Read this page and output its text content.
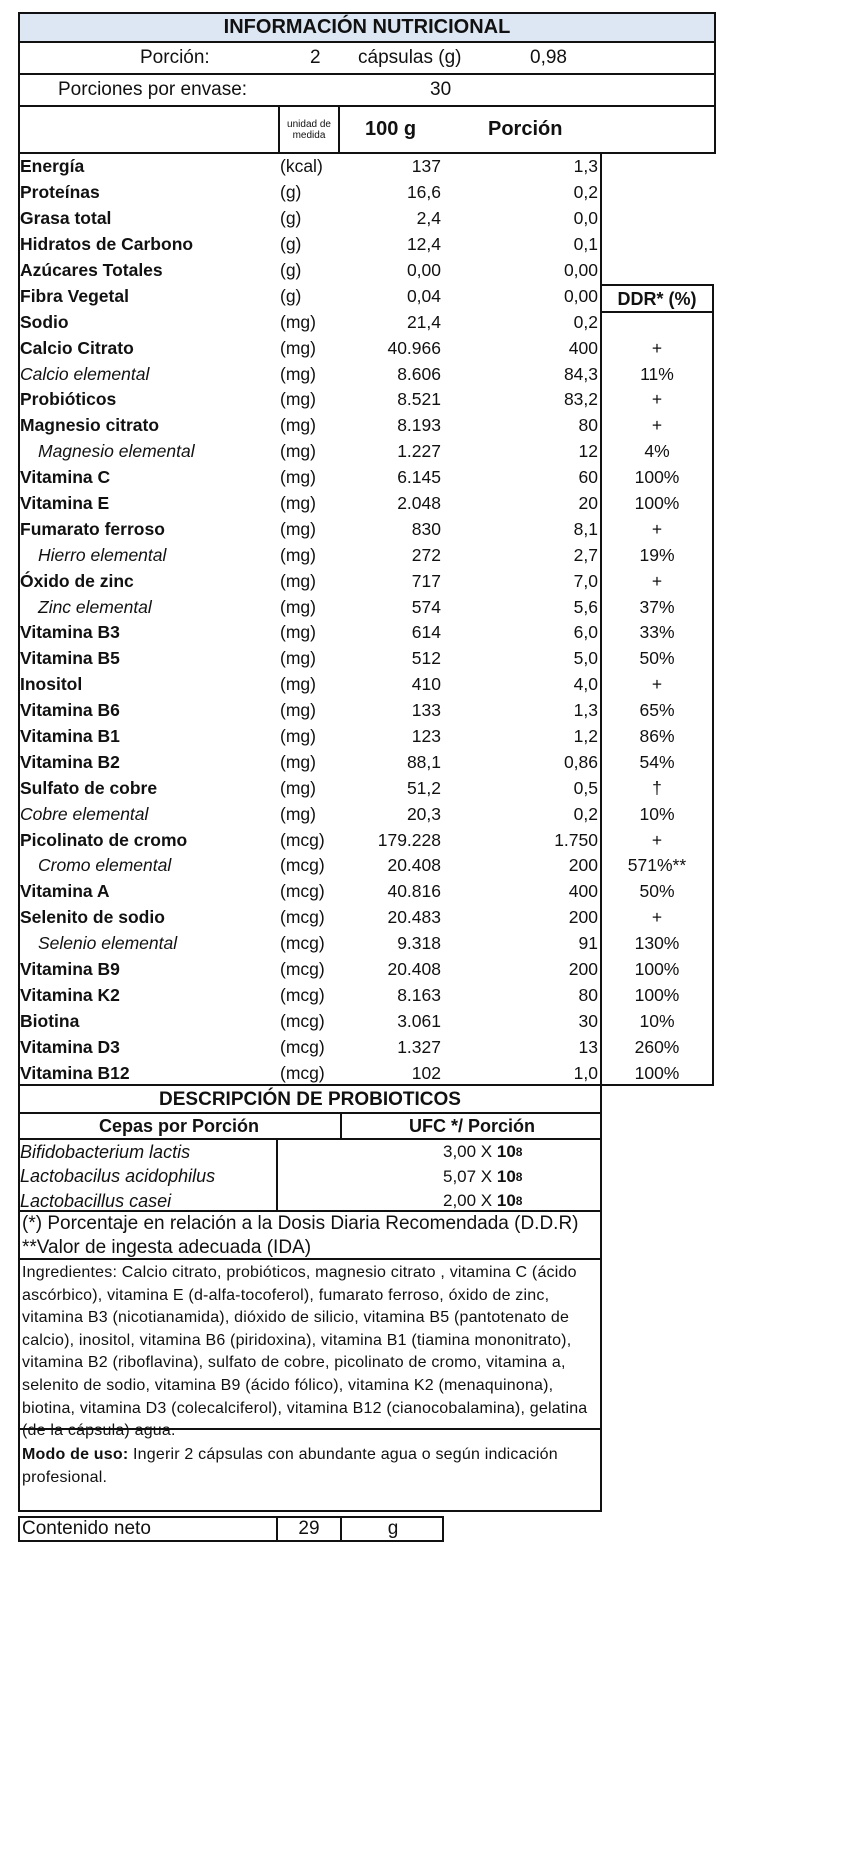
INFORMACIÓN NUTRICIONAL
Porción:	2 cápsulas (g)	0,98
Porciones por envase:	30
unidad de medida	100 g	Porción
DDR* (%)
Energía	(kcal)	137	1,3
Proteínas	(g)	16,6	0,2
Grasa total	(g)	2,4	0,0
Hidratos de Carbono	(g)	12,4	0,1
Azúcares Totales	(g)	0,00	0,00
Fibra Vegetal	(g)	0,04	0,00
Sodio	(mg)	21,4	0,2
Calcio Citrato	(mg)	40.966	400	+
Calcio elemental	(mg)	8.606	84,3	11%
Probióticos	(mg)	8.521	83,2	+
Magnesio citrato	(mg)	8.193	80	+
Magnesio elemental	(mg)	1.227	12	4%
Vitamina C	(mg)	6.145	60	100%
Vitamina E	(mg)	2.048	20	100%
Fumarato ferroso	(mg)	830	8,1	+
Hierro elemental	(mg)	272	2,7	19%
Óxido de zinc	(mg)	717	7,0	+
Zinc elemental	(mg)	574	5,6	37%
Vitamina B3	(mg)	614	6,0	33%
Vitamina B5	(mg)	512	5,0	50%
Inositol	(mg)	410	4,0	+
Vitamina B6	(mg)	133	1,3	65%
Vitamina B1	(mg)	123	1,2	86%
Vitamina B2	(mg)	88,1	0,86	54%
Sulfato de cobre	(mg)	51,2	0,5	†
Cobre elemental	(mg)	20,3	0,2	10%
Picolinato de cromo	(mcg)	179.228	1.750	+
Cromo elemental	(mcg)	20.408	200	571%**
Vitamina A	(mcg)	40.816	400	50%
Selenito de sodio	(mcg)	20.483	200	+
Selenio elemental	(mcg)	9.318	91	130%
Vitamina B9	(mcg)	20.408	200	100%
Vitamina K2	(mcg)	8.163	80	100%
Biotina	(mcg)	3.061	30	10%
Vitamina D3	(mcg)	1.327	13	260%
Vitamina B12	(mcg)	102	1,0	100%
DESCRIPCIÓN DE PROBIOTICOS
Cepas por Porción	UFC */ Porción
Bifidobacterium lactis	3,00 X 10 8
Lactobacilus acidophilus	5,07 X 10 8
Lactobacillus casei	2,00 X 10 8
(*) Porcentaje en relación a la Dosis Diaria Recomendada (D.D.R)
**Valor de ingesta adecuada (IDA)
Ingredientes: Calcio citrato, probióticos, magnesio citrato , vitamina C (ácido ascórbico), vitamina E (d-alfa-tocoferol), fumarato ferroso, óxido de zinc, vitamina B3 (nicotianamida), dióxido de silicio, vitamina B5 (pantotenato de calcio), inositol, vitamina B6 (piridoxina), vitamina B1 (tiamina mononitrato), vitamina B2 (riboflavina), sulfato de cobre, picolinato de cromo, vitamina a, selenito de sodio, vitamina B9 (ácido fólico), vitamina K2 (menaquinona), biotina, vitamina D3 (colecalciferol), vitamina B12 (cianocobalamina), gelatina (de la cápsula) agua.
Modo de uso: Ingerir 2 cápsulas con abundante agua o según indicación profesional.
Contenido neto	29	g
